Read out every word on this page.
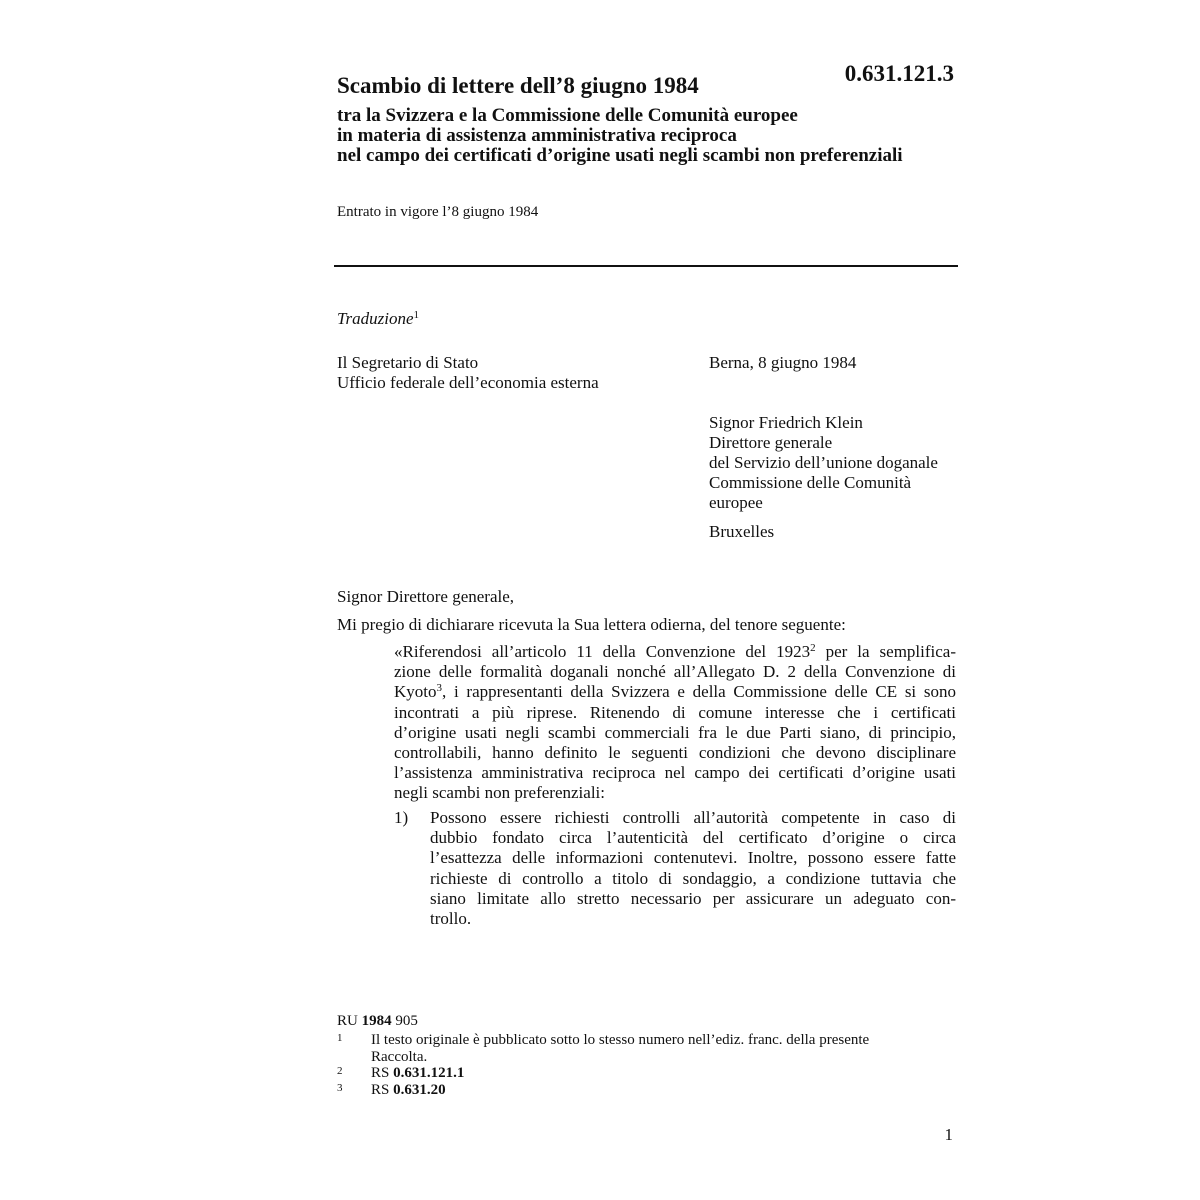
Scambio di lettere dell’8 giugno 1984	0.631.121.3
tra la Svizzera e la Commissione delle Comunità europee
in materia di assistenza amministrativa reciproca
nel campo dei certificati d’origine usati negli scambi non preferenziali
Entrato in vigore l’8 giugno 1984
Traduzione$^1$
Il Segretario di Stato
Ufficio federale dell’economia esterna
Berna, 8 giugno 1984
Signor Friedrich Klein
Direttore generale
del Servizio dell’unione doganale
Commissione delle Comunità
europee
Bruxelles
Signor Direttore generale,
Mi pregio di dichiarare ricevuta la Sua lettera odierna, del tenore seguente:
«Riferendosi all’articolo 11 della Convenzione del 1923$^2$ per la semplifica-
zione delle formalità doganali nonché all’Allegato D. 2 della Convenzione di
Kyoto$^3$, i rappresentanti della Svizzera e della Commissione delle CE si sono
incontrati a più riprese. Ritenendo di comune interesse che i certificati
d’origine usati negli scambi commerciali fra le due Parti siano, di principio,
controllabili, hanno definito le seguenti condizioni che devono disciplinare
l’assistenza amministrativa reciproca nel campo dei certificati d’origine usati
negli scambi non preferenziali:
1) Possono essere richiesti controlli all’autorità competente in caso di
dubbio fondato circa l’autenticità del certificato d’origine o circa
l’esattezza delle informazioni contenutevi. Inoltre, possono essere fatte
richieste di controllo a titolo di sondaggio, a condizione tuttavia che
siano limitate allo stretto necessario per assicurare un adeguato con-
trollo.
RU 1984 905
1 Il testo originale è pubblicato sotto lo stesso numero nell’ediz. franc. della presente
Raccolta.
2 RS 0.631.121.1
3 RS 0.631.20
1
